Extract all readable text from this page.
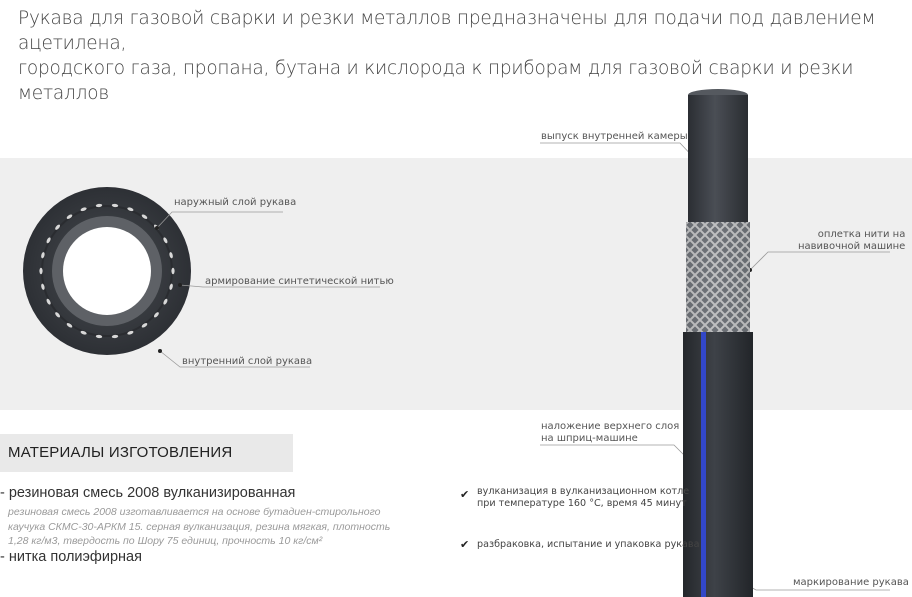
Рукава для газовой сварки и резки металлов предназначены для подачи под давлением ацетилена,
городского газа, пропана, бутана и кислорода к приборам для газовой сварки и резки металлов
наружный слой рукава
армирование синтетической нитью
внутренний слой рукава
выпуск внутренней камеры
оплетка нити на
навивочной машине
наложение верхнего слоя
на шприц-машине
маркирование рукава
✔ вулканизация в вулканизационном котле
при температуре 160 °С, время 45 минут
✔ разбраковка, испытание и упаковка рукава
МАТЕРИАЛЫ ИЗГОТОВЛЕНИЯ
- резиновая смесь 2008 вулканизированная
резиновая смесь 2008 изготавливается на основе бутадиен-стирольного
каучука СКМС-30-АРКМ 15. серная вулканизация, резина мягкая, плотность
1,28 кг/м3, твердость по Шору 75 единиц, прочность 10 кг/см²
- нитка полиэфирная
